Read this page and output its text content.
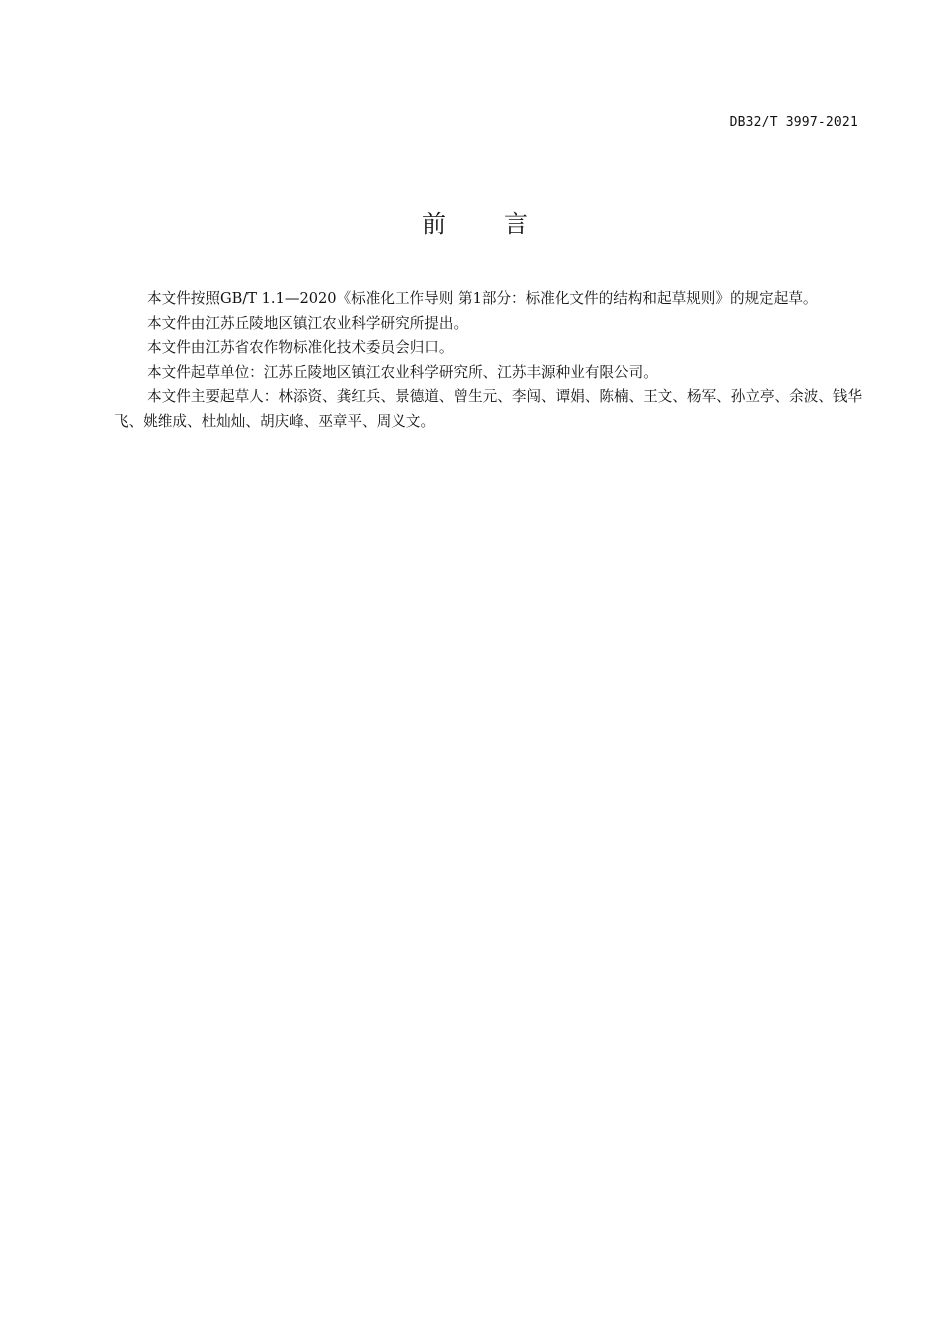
DB32/T 3997-2021
前言

本文件按照GB/T 1.1—2020《标准化工作导则 第1部分：标准化文件的结构和起草规则》的规定起草。

本文件由江苏丘陵地区镇江农业科学研究所提出。

本文件由江苏省农作物标准化技术委员会归口。

本文件起草单位：江苏丘陵地区镇江农业科学研究所、江苏丰源种业有限公司。

本文件主要起草人：林添资、龚红兵、景德道、曾生元、李闯、谭娟、陈楠、王文、杨军、孙立亭、余波、钱华飞、姚维成、杜灿灿、胡庆峰、巫章平、周义文。
